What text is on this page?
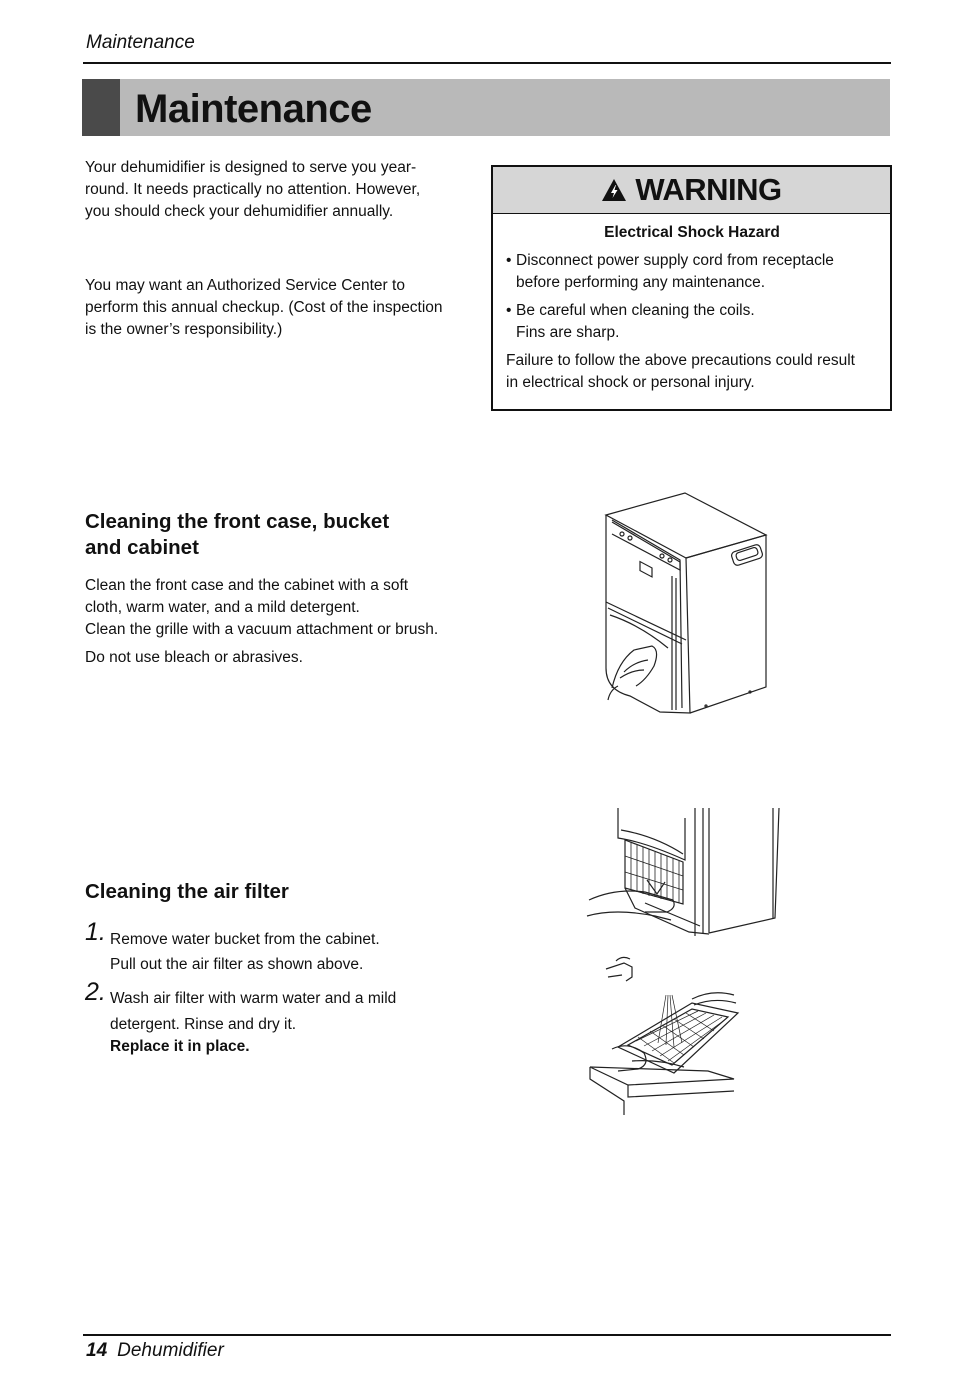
Maintenance
Maintenance
Your dehumidifier is designed to serve you year-
round. It needs practically no attention. However,
you should check your dehumidifier annually.
You may want an Authorized Service Center to
perform this annual checkup. (Cost of the inspection
is the owner’s responsibility.)
WARNING
Electrical Shock Hazard
• Disconnect power supply cord from receptacle
before performing any maintenance.
• Be careful when cleaning the coils.
Fins are sharp.
Failure to follow the above precautions could result
in electrical shock or personal injury.
Cleaning the front case, bucket
and cabinet
Clean the front case and the cabinet with a soft
cloth, warm water, and a mild detergent.
Clean the grille with a vacuum attachment or brush.
Do not use bleach or abrasives.
Cleaning the air filter
1. Remove water bucket from the cabinet.
Pull out the air filter as shown above.
2. Wash air filter with warm water and a mild
detergent. Rinse and dry it.
Replace it in place.
14 Dehumidifier
